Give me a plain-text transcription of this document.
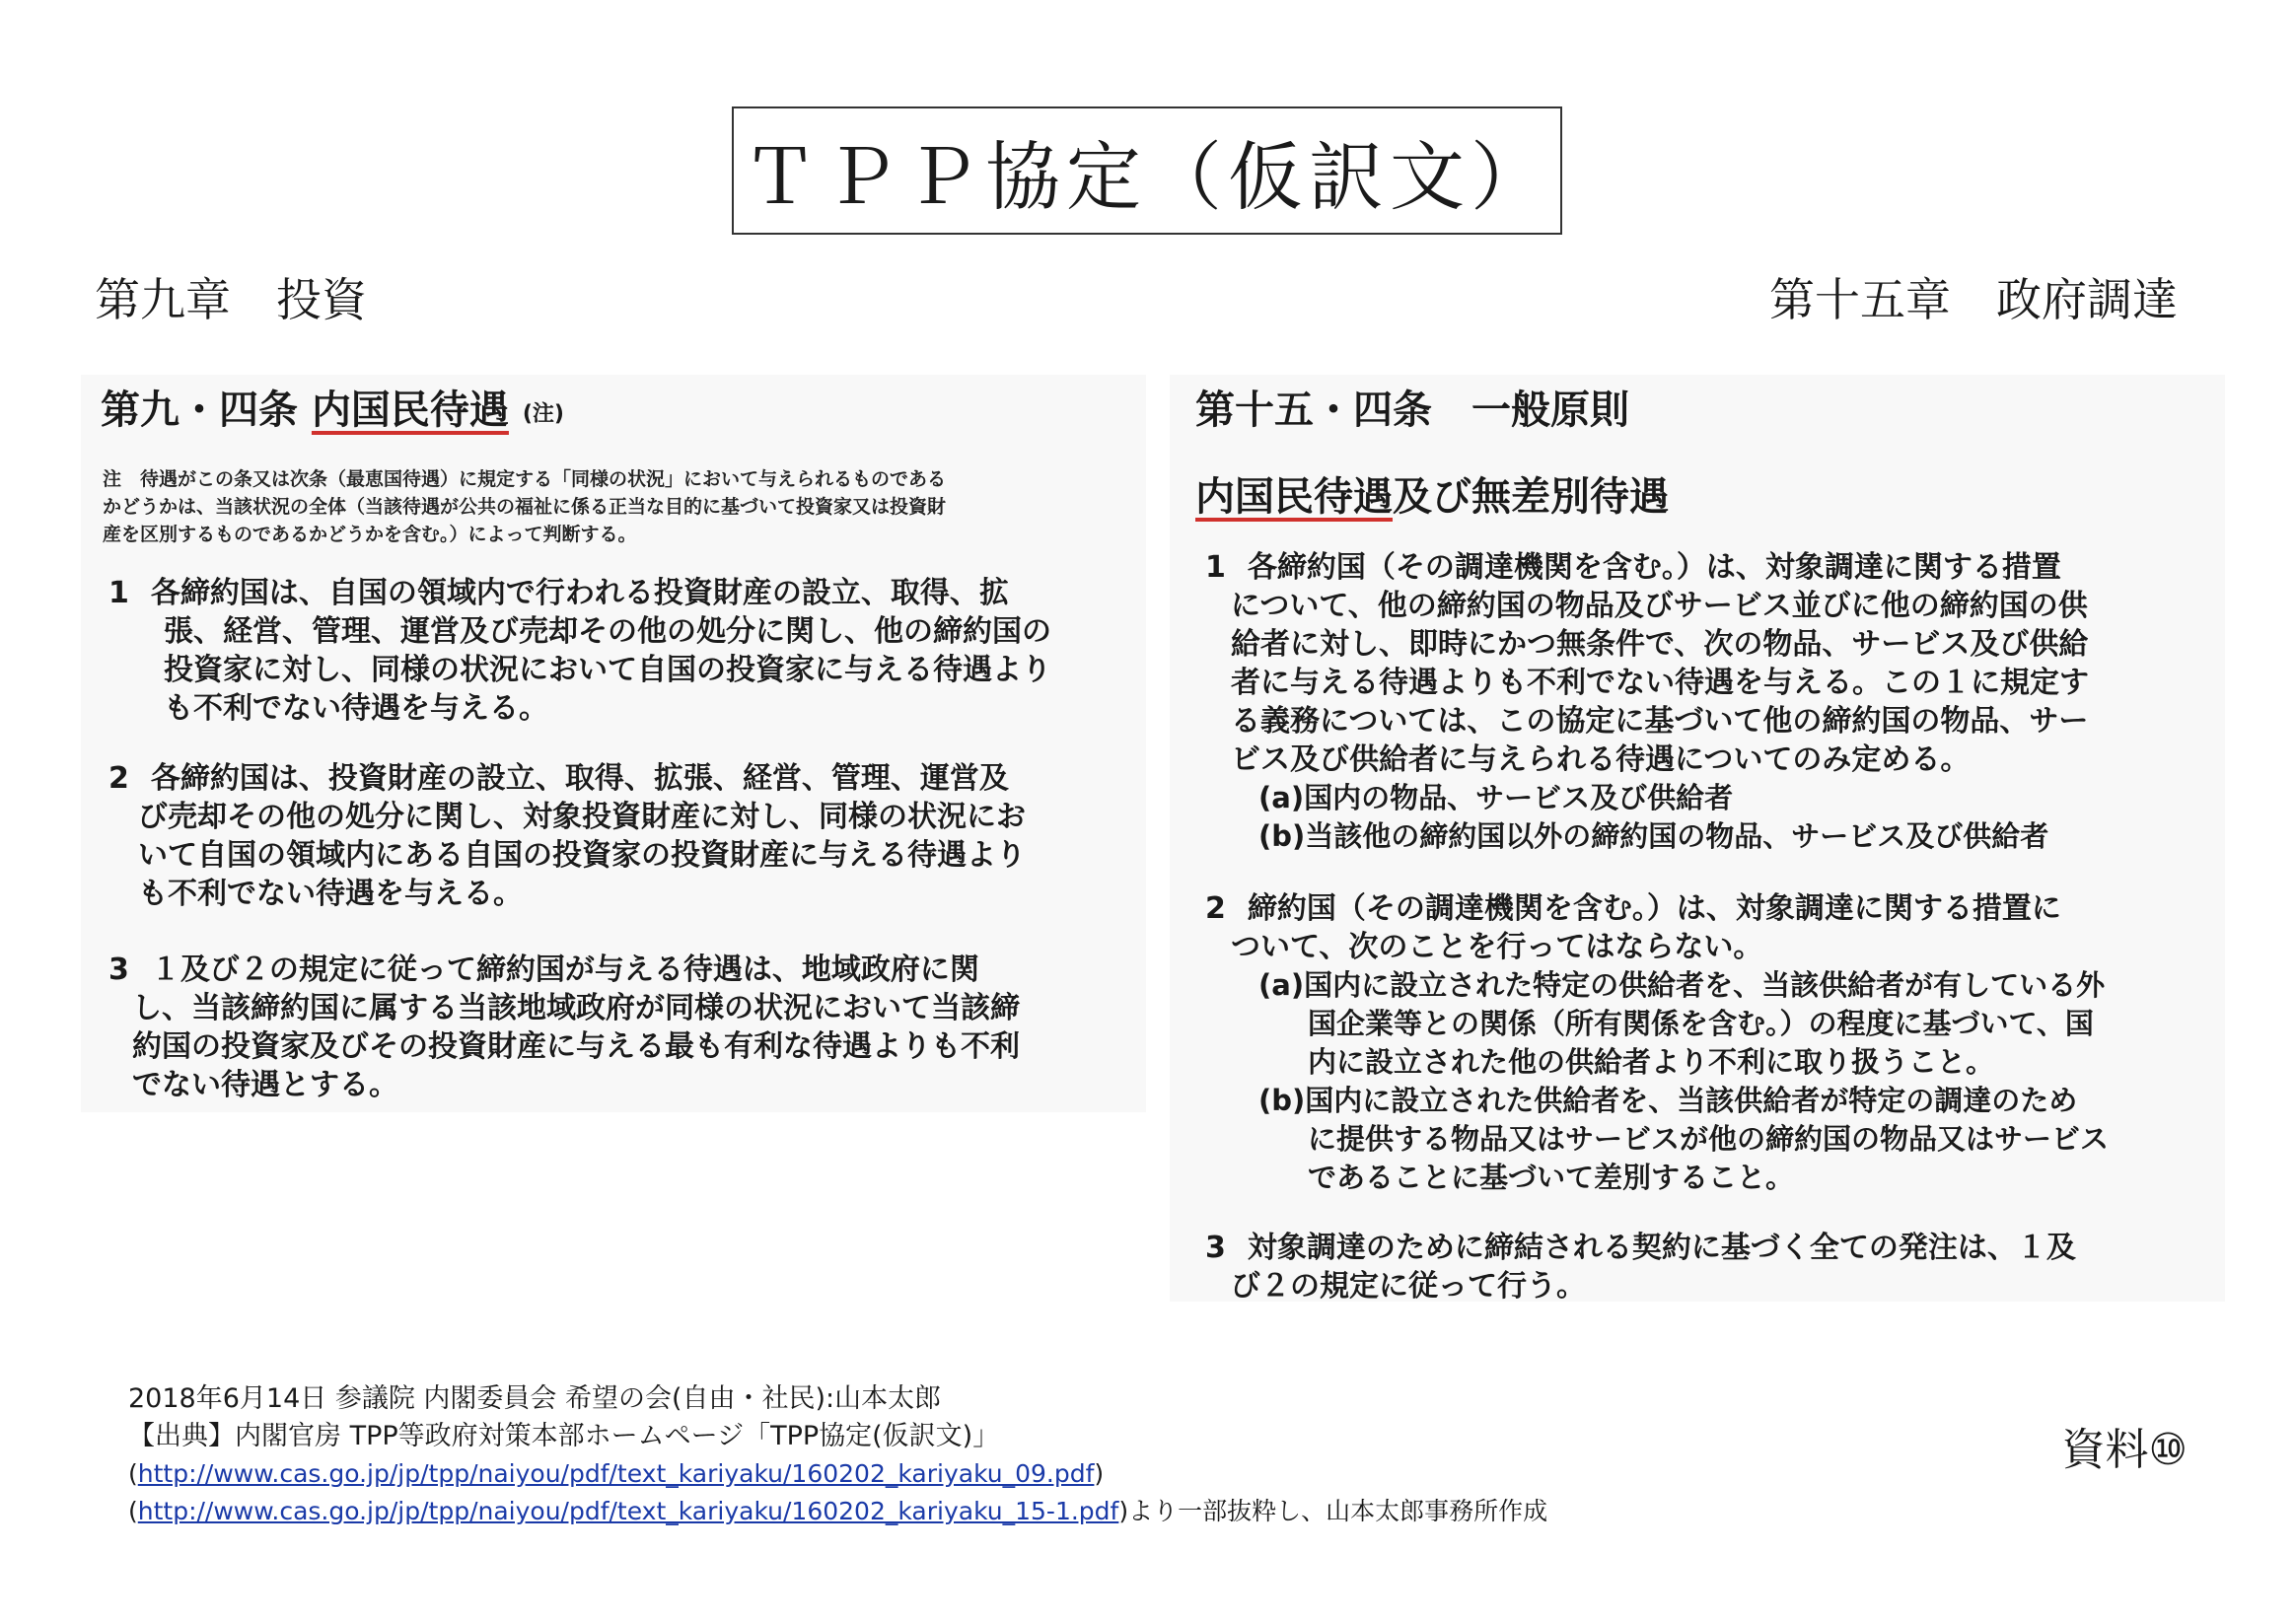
ＴＰＰ協定（仮訳文）
第九章　投資	第十五章　政府調達
第九・四条 内国民待遇 (注)
注　待遇がこの条又は次条（最恵国待遇）に規定する「同様の状況」において与えられるものである
かどうかは、当該状況の全体（当該待遇が公共の福祉に係る正当な目的に基づいて投資家又は投資財
産を区別するものであるかどうかを含む。）によって判断する。
1 各締約国は、自国の領域内で行われる投資財産の設立、取得、拡
張、経営、管理、運営及び売却その他の処分に関し、他の締約国の
投資家に対し、同様の状況において自国の投資家に与える待遇より
も不利でない待遇を与える。
2 各締約国は、投資財産の設立、取得、拡張、経営、管理、運営及
び売却その他の処分に関し、対象投資財産に対し、同様の状況にお
いて自国の領域内にある自国の投資家の投資財産に与える待遇より
も不利でない待遇を与える。
3 １及び２の規定に従って締約国が与える待遇は、地域政府に関
し、当該締約国に属する当該地域政府が同様の状況において当該締
約国の投資家及びその投資財産に与える最も有利な待遇よりも不利
でない待遇とする。
第十五・四条　一般原則
内国民待遇及び無差別待遇
1 各締約国（その調達機関を含む。）は、対象調達に関する措置
について、他の締約国の物品及びサービス並びに他の締約国の供
給者に対し、即時にかつ無条件で、次の物品、サービス及び供給
者に与える待遇よりも不利でない待遇を与える。この１に規定す
る義務については、この協定に基づいて他の締約国の物品、サー
ビス及び供給者に与えられる待遇についてのみ定める。
(a)国内の物品、サービス及び供給者
(b)当該他の締約国以外の締約国の物品、サービス及び供給者
2 締約国（その調達機関を含む。）は、対象調達に関する措置に
ついて、次のことを行ってはならない。
(a)国内に設立された特定の供給者を、当該供給者が有している外
国企業等との関係（所有関係を含む。）の程度に基づいて、国
内に設立された他の供給者より不利に取り扱うこと。
(b)国内に設立された供給者を、当該供給者が特定の調達のため
に提供する物品又はサービスが他の締約国の物品又はサービス
であることに基づいて差別すること。
3 対象調達のために締結される契約に基づく全ての発注は、１及
び２の規定に従って行う。
2018年6月14日 参議院 内閣委員会 希望の会(自由・社民):山本太郎
【出典】内閣官房 TPP等政府対策本部ホームページ「TPP協定(仮訳文)」
(http://www.cas.go.jp/jp/tpp/naiyou/pdf/text_kariyaku/160202_kariyaku_09.pdf)
(http://www.cas.go.jp/jp/tpp/naiyou/pdf/text_kariyaku/160202_kariyaku_15-1.pdf)より一部抜粋し、山本太郎事務所作成
資料⑩
